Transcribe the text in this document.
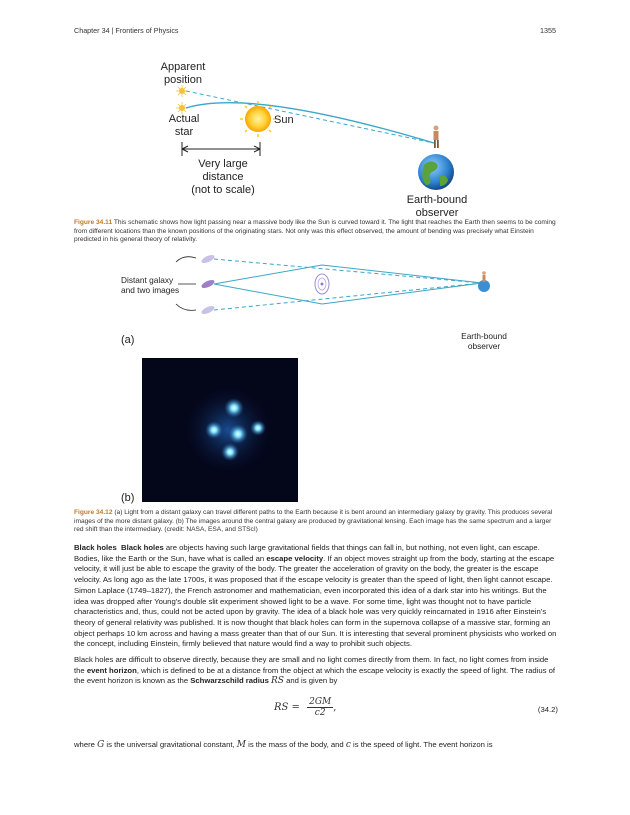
Chapter 34 | Frontiers of Physics	1355
Apparent
position
Actual
star
Sun
Very large
distance
(not to scale)
Earth-bound
observer
Figure 34.11 This schematic shows how light passing near a massive body like the Sun is curved toward it. The light that reaches the Earth then seems to be coming from different locations than the known positions of the originating stars. Not only was this effect observed, the amount of bending was precisely what Einstein predicted in his general theory of relativity.
Distant galaxy
and two images
Earth-bound
observer
(a)
(b)
Figure 34.12 (a) Light from a distant galaxy can travel different paths to the Earth because it is bent around an intermediary galaxy by gravity. This produces several images of the more distant galaxy. (b) The images around the central galaxy are produced by gravitational lensing. Each image has the same spectrum and a larger red shift than the intermediary. (credit: NASA, ESA, and STScI)

Black holes Black holes are objects having such large gravitational fields that things can fall in, but nothing, not even light, can escape. Bodies, like the Earth or the Sun, have what is called an escape velocity. If an object moves straight up from the body, starting at the escape velocity, it will just be able to escape the gravity of the body. The greater the acceleration of gravity on the body, the greater is the escape velocity. As long ago as the late 1700s, it was proposed that if the escape velocity is greater than the speed of light, then light cannot escape. Simon Laplace (1749–1827), the French astronomer and mathematician, even incorporated this idea of a dark star into his writings. But the idea was dropped after Young’s double slit experiment showed light to be a wave. For some time, light was thought not to have particle characteristics and, thus, could not be acted upon by gravity. The idea of a black hole was very quickly reincarnated in 1916 after Einstein’s theory of general relativity was published. It is now thought that black holes can form in the supernova collapse of a massive star, forming an object perhaps 10 km across and having a mass greater than that of our Sun. It is interesting that several prominent physicists who worked on the concept, including Einstein, firmly believed that nature would find a way to prohibit such objects.

Black holes are difficult to observe directly, because they are small and no light comes directly from them. In fact, no light comes from inside the event horizon, which is defined to be at a distance from the object at which the escape velocity is exactly the speed of light. The radius of the event horizon is known as the Schwarzschild radius RS and is given by

RS = $\frac{2GM}{c2}$ ,	(34.2)
where G is the universal gravitational constant, M is the mass of the body, and c is the speed of light. The event horizon is
